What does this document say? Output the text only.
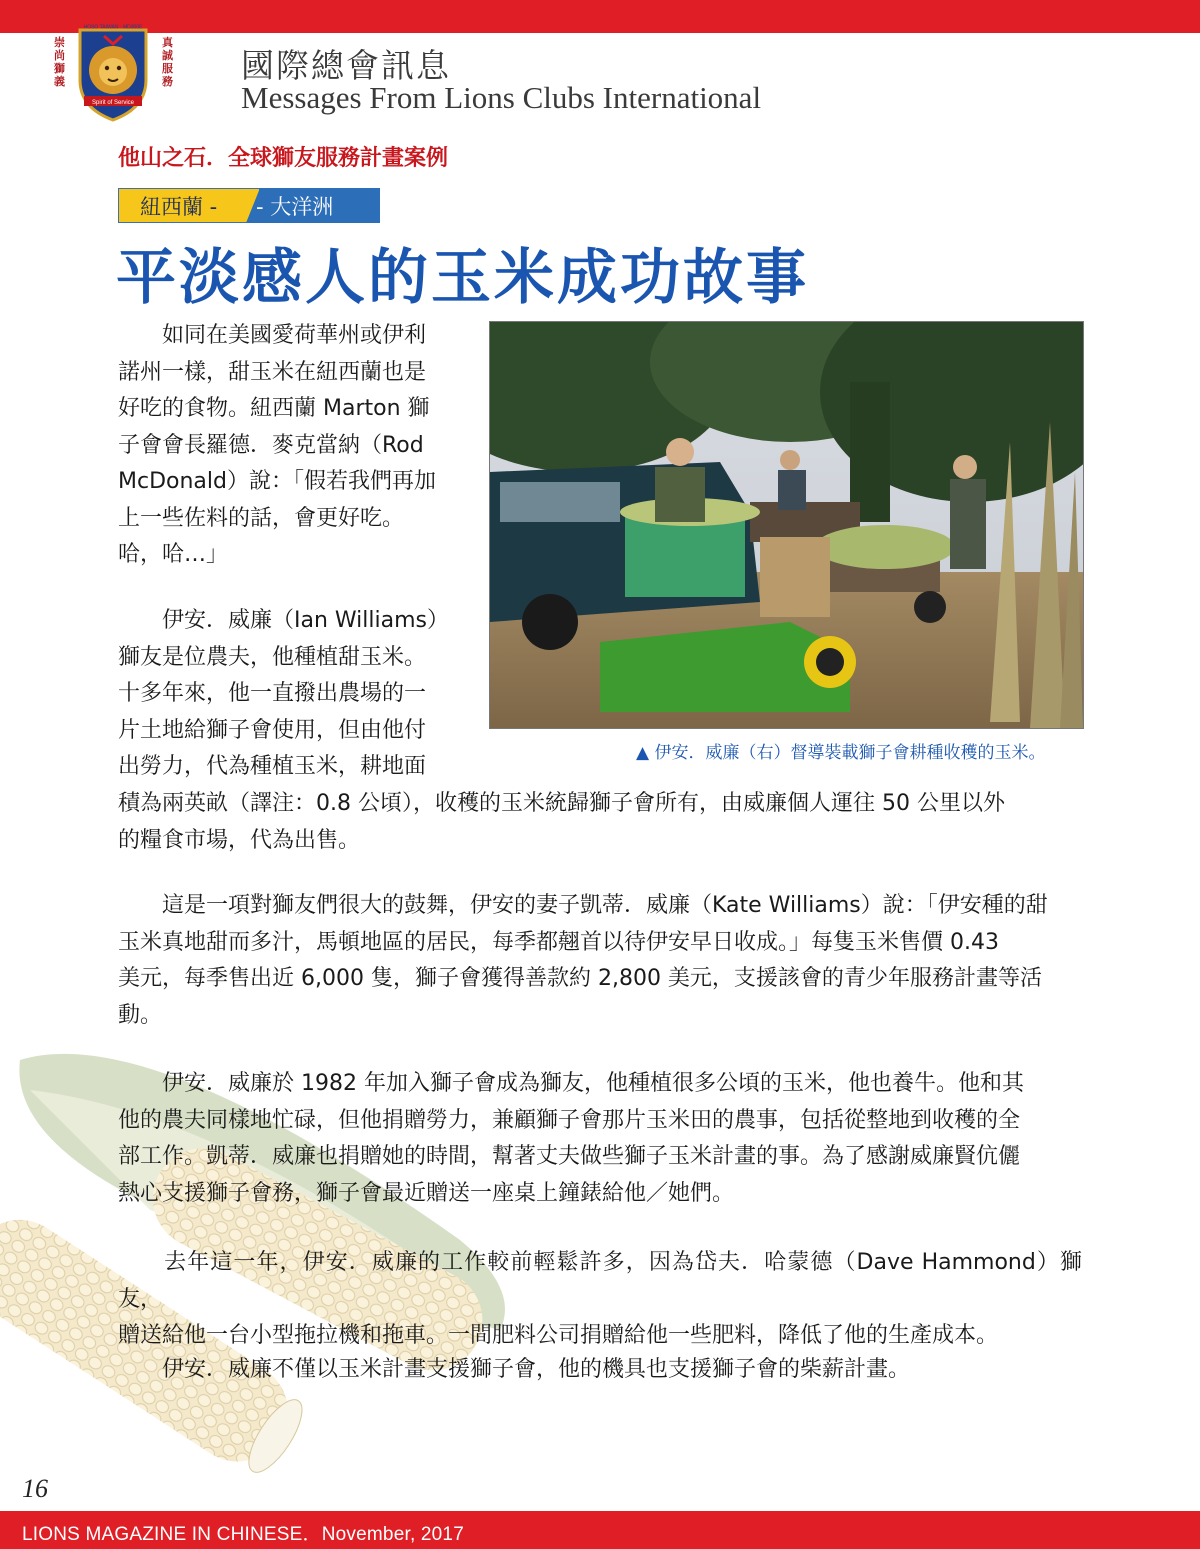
崇尚獅義
真誠服務
Spirit of Service
HOSO TAIWAN · MD300E
國際總會訊息
Messages From Lions Clubs International
他山之石．全球獅友服務計畫案例
紐西蘭 - - 大洋洲
平淡感人的玉米成功故事
▲ 伊安．威廉（右）督導裝載獅子會耕種收穫的玉米。
　　如同在美國愛荷華州或伊利
諾州一樣，甜玉米在紐西蘭也是
好吃的食物。紐西蘭 Marton 獅
子會會長羅德．麥克當納（Rod
McDonald）說：「假若我們再加
上一些佐料的話，會更好吃。
哈，哈…」
　　伊安．威廉（Ian Williams）
獅友是位農夫，他種植甜玉米。
十多年來，他一直撥出農場的一
片土地給獅子會使用，但由他付
出勞力，代為種植玉米，耕地面
積為兩英畝（譯注：0.8 公頃），收穫的玉米統歸獅子會所有，由威廉個人運往 50 公里以外
的糧食市場，代為出售。
　　這是一項對獅友們很大的鼓舞，伊安的妻子凱蒂．威廉（Kate Williams）說：「伊安種的甜
玉米真地甜而多汁，馬頓地區的居民，每季都翹首以待伊安早日收成。」每隻玉米售價 0.43
美元，每季售出近 6,000 隻，獅子會獲得善款約 2,800 美元，支援該會的青少年服務計畫等活
動。
　　伊安．威廉於 1982 年加入獅子會成為獅友，他種植很多公頃的玉米，他也養牛。他和其
他的農夫同樣地忙碌，但他捐贈勞力，兼顧獅子會那片玉米田的農事，包括從整地到收穫的全
部工作。凱蒂．威廉也捐贈她的時間，幫著丈夫做些獅子玉米計畫的事。為了感謝威廉賢伉儷
熱心支援獅子會務，獅子會最近贈送一座桌上鐘錶給他／她們。
　　去年這一年，伊安．威廉的工作較前輕鬆許多，因為岱夫．哈蒙德（Dave Hammond）獅友，
贈送給他一台小型拖拉機和拖車。一間肥料公司捐贈給他一些肥料，降低了他的生產成本。
　　伊安．威廉不僅以玉米計畫支援獅子會，他的機具也支援獅子會的柴薪計畫。
16
LIONS MAGAZINE IN CHINESE．November, 2017
